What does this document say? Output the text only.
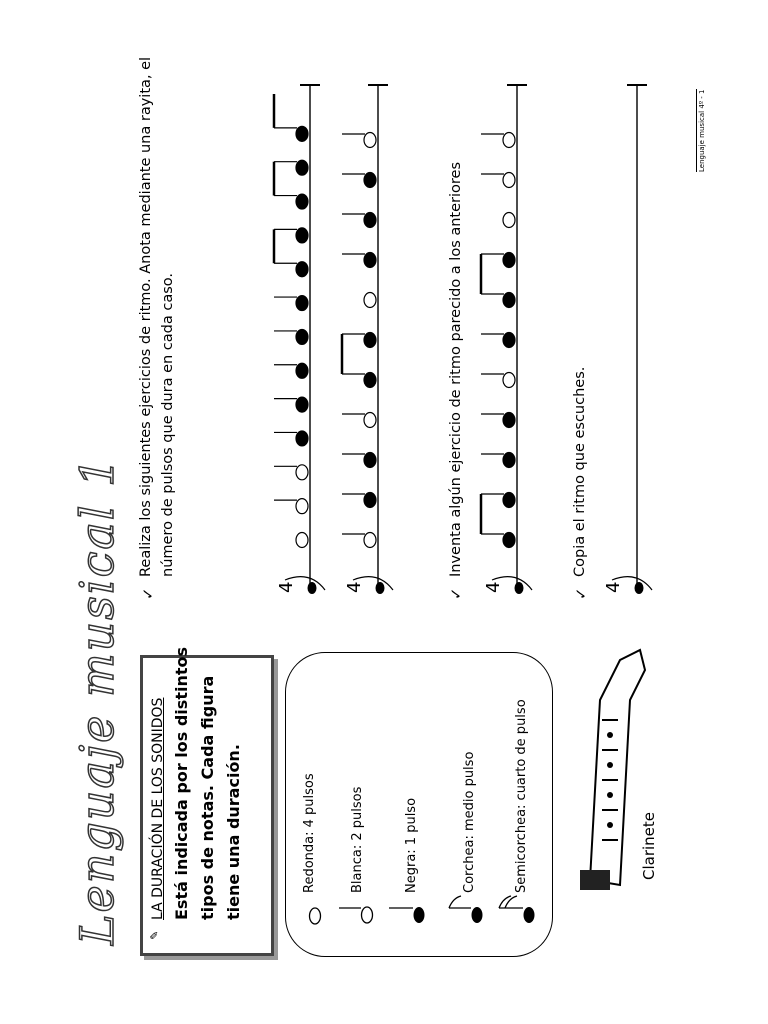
Lenguaje musical 1 ✎
LA DURACIÓN DE LOS SONIDOS Está indicada por los distintos tipos de notas. Cada figura tiene una duración.	Redonda: 4 pulsos	Blanca: 2 pulsos	Negra: 1 pulso	Corchea: medio pulso	Semicorchea: cuarto de pulso	Clarinete
✓
Realiza los siguientes ejercicios de ritmo. Anota mediante una rayita, el número de pulsos que dura en cada caso.
4	4	4	4
✓
Inventa algún ejercicio de ritmo parecido a los anteriores
✓
Copia el ritmo que escuches.
Lenguaje musical 4º - 1
